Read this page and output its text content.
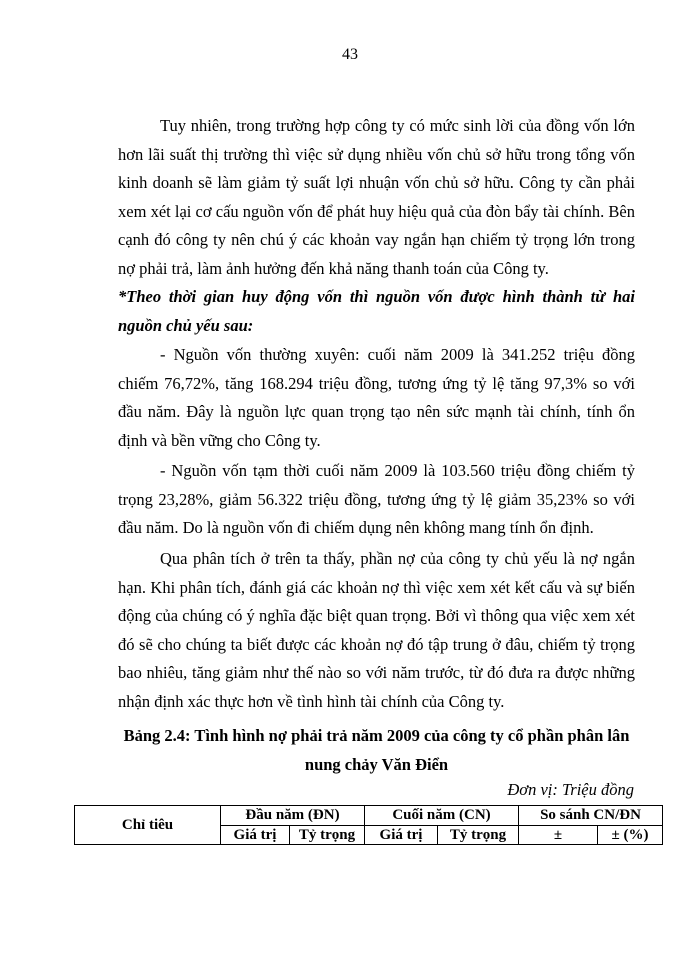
43

Tuy nhiên, trong trường hợp công ty có mức sinh lời của đồng vốn lớn hơn lãi suất thị trường thì việc sử dụng nhiều vốn chủ sở hữu trong tổng vốn kinh doanh sẽ làm giảm tỷ suất lợi nhuận vốn chủ sở hữu. Công ty cần phải xem xét lại cơ cấu nguồn vốn để phát huy hiệu quả của đòn bẩy tài chính. Bên cạnh đó công ty nên chú ý các khoản vay ngắn hạn chiếm tỷ trọng lớn trong nợ phải trả, làm ảnh hưởng đến khả năng thanh toán của Công ty.

*Theo thời gian huy động vốn thì nguồn vốn được hình thành từ hai nguồn chủ yếu sau:

- Nguồn vốn thường xuyên: cuối năm 2009 là 341.252 triệu đồng chiếm 76,72%, tăng 168.294 triệu đồng, tương ứng tỷ lệ tăng 97,3% so với đầu năm. Đây là nguồn lực quan trọng tạo nên sức mạnh tài chính, tính ổn định và bền vững cho Công ty.

- Nguồn vốn tạm thời cuối năm 2009 là 103.560 triệu đồng chiếm tỷ trọng 23,28%, giảm 56.322 triệu đồng, tương ứng tỷ lệ giảm 35,23% so với đầu năm. Do là nguồn vốn đi chiếm dụng nên không mang tính ổn định.

Qua phân tích ở trên ta thấy, phần nợ của công ty chủ yếu là nợ ngắn hạn. Khi phân tích, đánh giá các khoản nợ thì việc xem xét kết cấu và sự biến động của chúng có ý nghĩa đặc biệt quan trọng. Bởi vì thông qua việc xem xét đó sẽ cho chúng ta biết được các khoản nợ đó tập trung ở đâu, chiếm tỷ trọng bao nhiêu, tăng giảm như thế nào so với năm trước, từ đó đưa ra được những nhận định xác thực hơn về tình hình tài chính của Công ty.

Bảng 2.4: Tình hình nợ phải trả năm 2009 của công ty cổ phần phân lân nung chảy Văn Điển

Đơn vị: Triệu đồng
Chỉ tiêu	Đầu năm (ĐN)		Cuối năm (CN)		So sánh CN/ĐN	
	Giá trị	Tỷ trọng	Giá trị	Tỷ trọng	±	± (%)
